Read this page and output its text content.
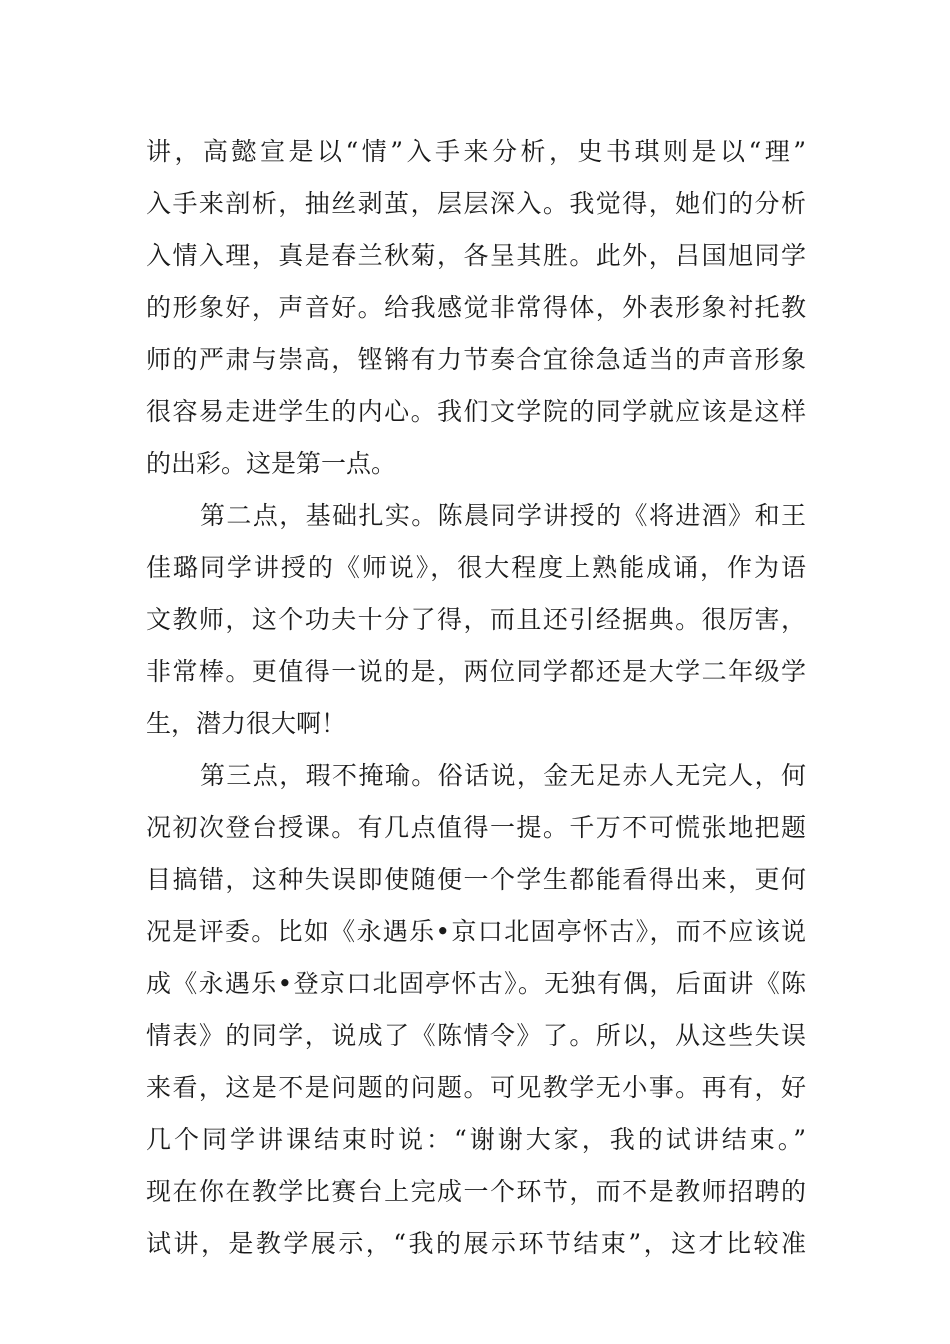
讲，高懿宣是以“情”入手来分析，史书琪则是以“理”
入手来剖析，抽丝剥茧，层层深入。我觉得，她们的分析
入情入理，真是春兰秋菊，各呈其胜。此外，吕国旭同学
的形象好，声音好。给我感觉非常得体，外表形象衬托教
师的严肃与崇高，铿锵有力节奏合宜徐急适当的声音形象
很容易走进学生的内心。我们文学院的同学就应该是这样
的出彩。这是第一点。
第二点，基础扎实。陈晨同学讲授的《将进酒》和王
佳璐同学讲授的《师说》，很大程度上熟能成诵，作为语
文教师，这个功夫十分了得，而且还引经据典。很厉害，
非常棒。更值得一说的是，两位同学都还是大学二年级学
生，潜力很大啊！
第三点，瑕不掩瑜。俗话说，金无足赤人无完人，何
况初次登台授课。有几点值得一提。千万不可慌张地把题
目搞错，这种失误即使随便一个学生都能看得出来，更何
况是评委。比如《永遇乐•京口北固亭怀古》，而不应该说
成《永遇乐•登京口北固亭怀古》。无独有偶，后面讲《陈
情表》的同学，说成了《陈情令》了。所以，从这些失误
来看，这是不是问题的问题。可见教学无小事。再有，好
几个同学讲课结束时说：“谢谢大家，我的试讲结束。”
现在你在教学比赛台上完成一个环节，而不是教师招聘的
试讲，是教学展示，“我的展示环节结束”，这才比较准
